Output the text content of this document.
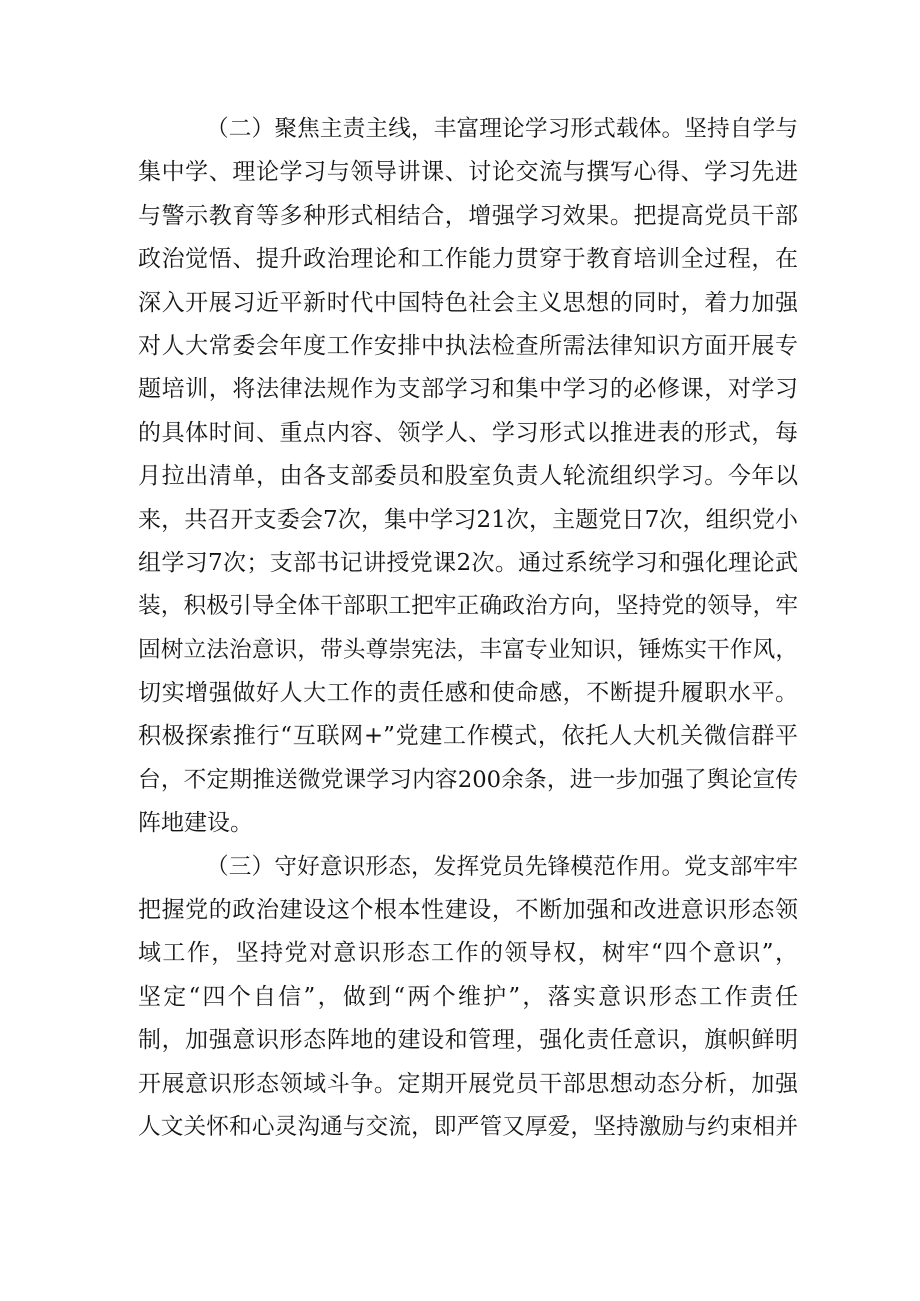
（二）聚焦主责主线，丰富理论学习形式载体。坚持自学与
集中学、理论学习与领导讲课、讨论交流与撰写心得、学习先进
与警示教育等多种形式相结合，增强学习效果。把提高党员干部
政治觉悟、提升政治理论和工作能力贯穿于教育培训全过程，在
深入开展习近平新时代中国特色社会主义思想的同时，着力加强
对人大常委会年度工作安排中执法检查所需法律知识方面开展专
题培训，将法律法规作为支部学习和集中学习的必修课，对学习
的具体时间、重点内容、领学人、学习形式以推进表的形式，每
月拉出清单，由各支部委员和股室负责人轮流组织学习。今年以
来，共召开支委会7次，集中学习21次，主题党日7次，组织党小
组学习7次；支部书记讲授党课2次。通过系统学习和强化理论武
装，积极引导全体干部职工把牢正确政治方向，坚持党的领导，牢
固树立法治意识，带头尊崇宪法，丰富专业知识，锤炼实干作风，
切实增强做好人大工作的责任感和使命感，不断提升履职水平。
积极探索推行“互联网+”党建工作模式，依托人大机关微信群平
台，不定期推送微党课学习内容200余条，进一步加强了舆论宣传
阵地建设。
（三）守好意识形态，发挥党员先锋模范作用。党支部牢牢
把握党的政治建设这个根本性建设，不断加强和改进意识形态领
域工作，坚持党对意识形态工作的领导权，树牢“四个意识”，
坚定“四个自信”，做到“两个维护”，落实意识形态工作责任
制，加强意识形态阵地的建设和管理，强化责任意识，旗帜鲜明
开展意识形态领域斗争。定期开展党员干部思想动态分析，加强
人文关怀和心灵沟通与交流，即严管又厚爱，坚持激励与约束相并
